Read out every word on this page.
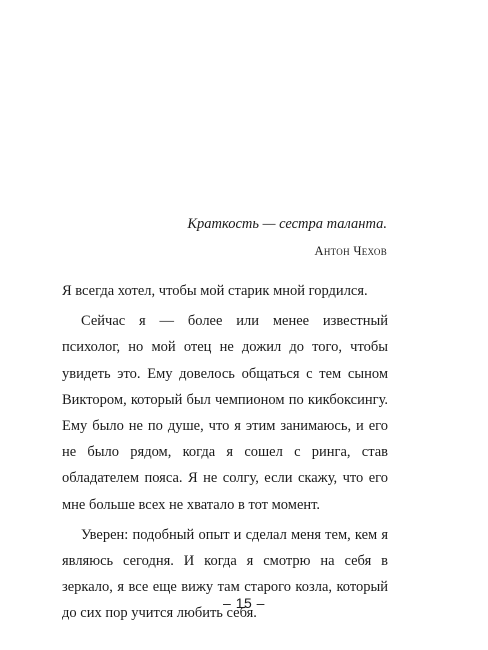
Краткость — сестра таланта.
Антон Чехов

Я всегда хотел, чтобы мой старик мной гордился.

Сейчас я — более или менее известный психолог, но мой отец не дожил до того, чтобы увидеть это. Ему довелось общаться с тем сыном Виктором, который был чемпионом по кикбоксингу. Ему было не по душе, что я этим занимаюсь, и его не было рядом, когда я сошел с ринга, став обладателем пояса. Я не солгу, если скажу, что его мне больше всех не хватало в тот момент.

Уверен: подобный опыт и сделал меня тем, кем я являюсь сегодня. И когда я смотрю на себя в зеркало, я все еще вижу там старого козла, который до сих пор учится любить себя.

– 15 –
